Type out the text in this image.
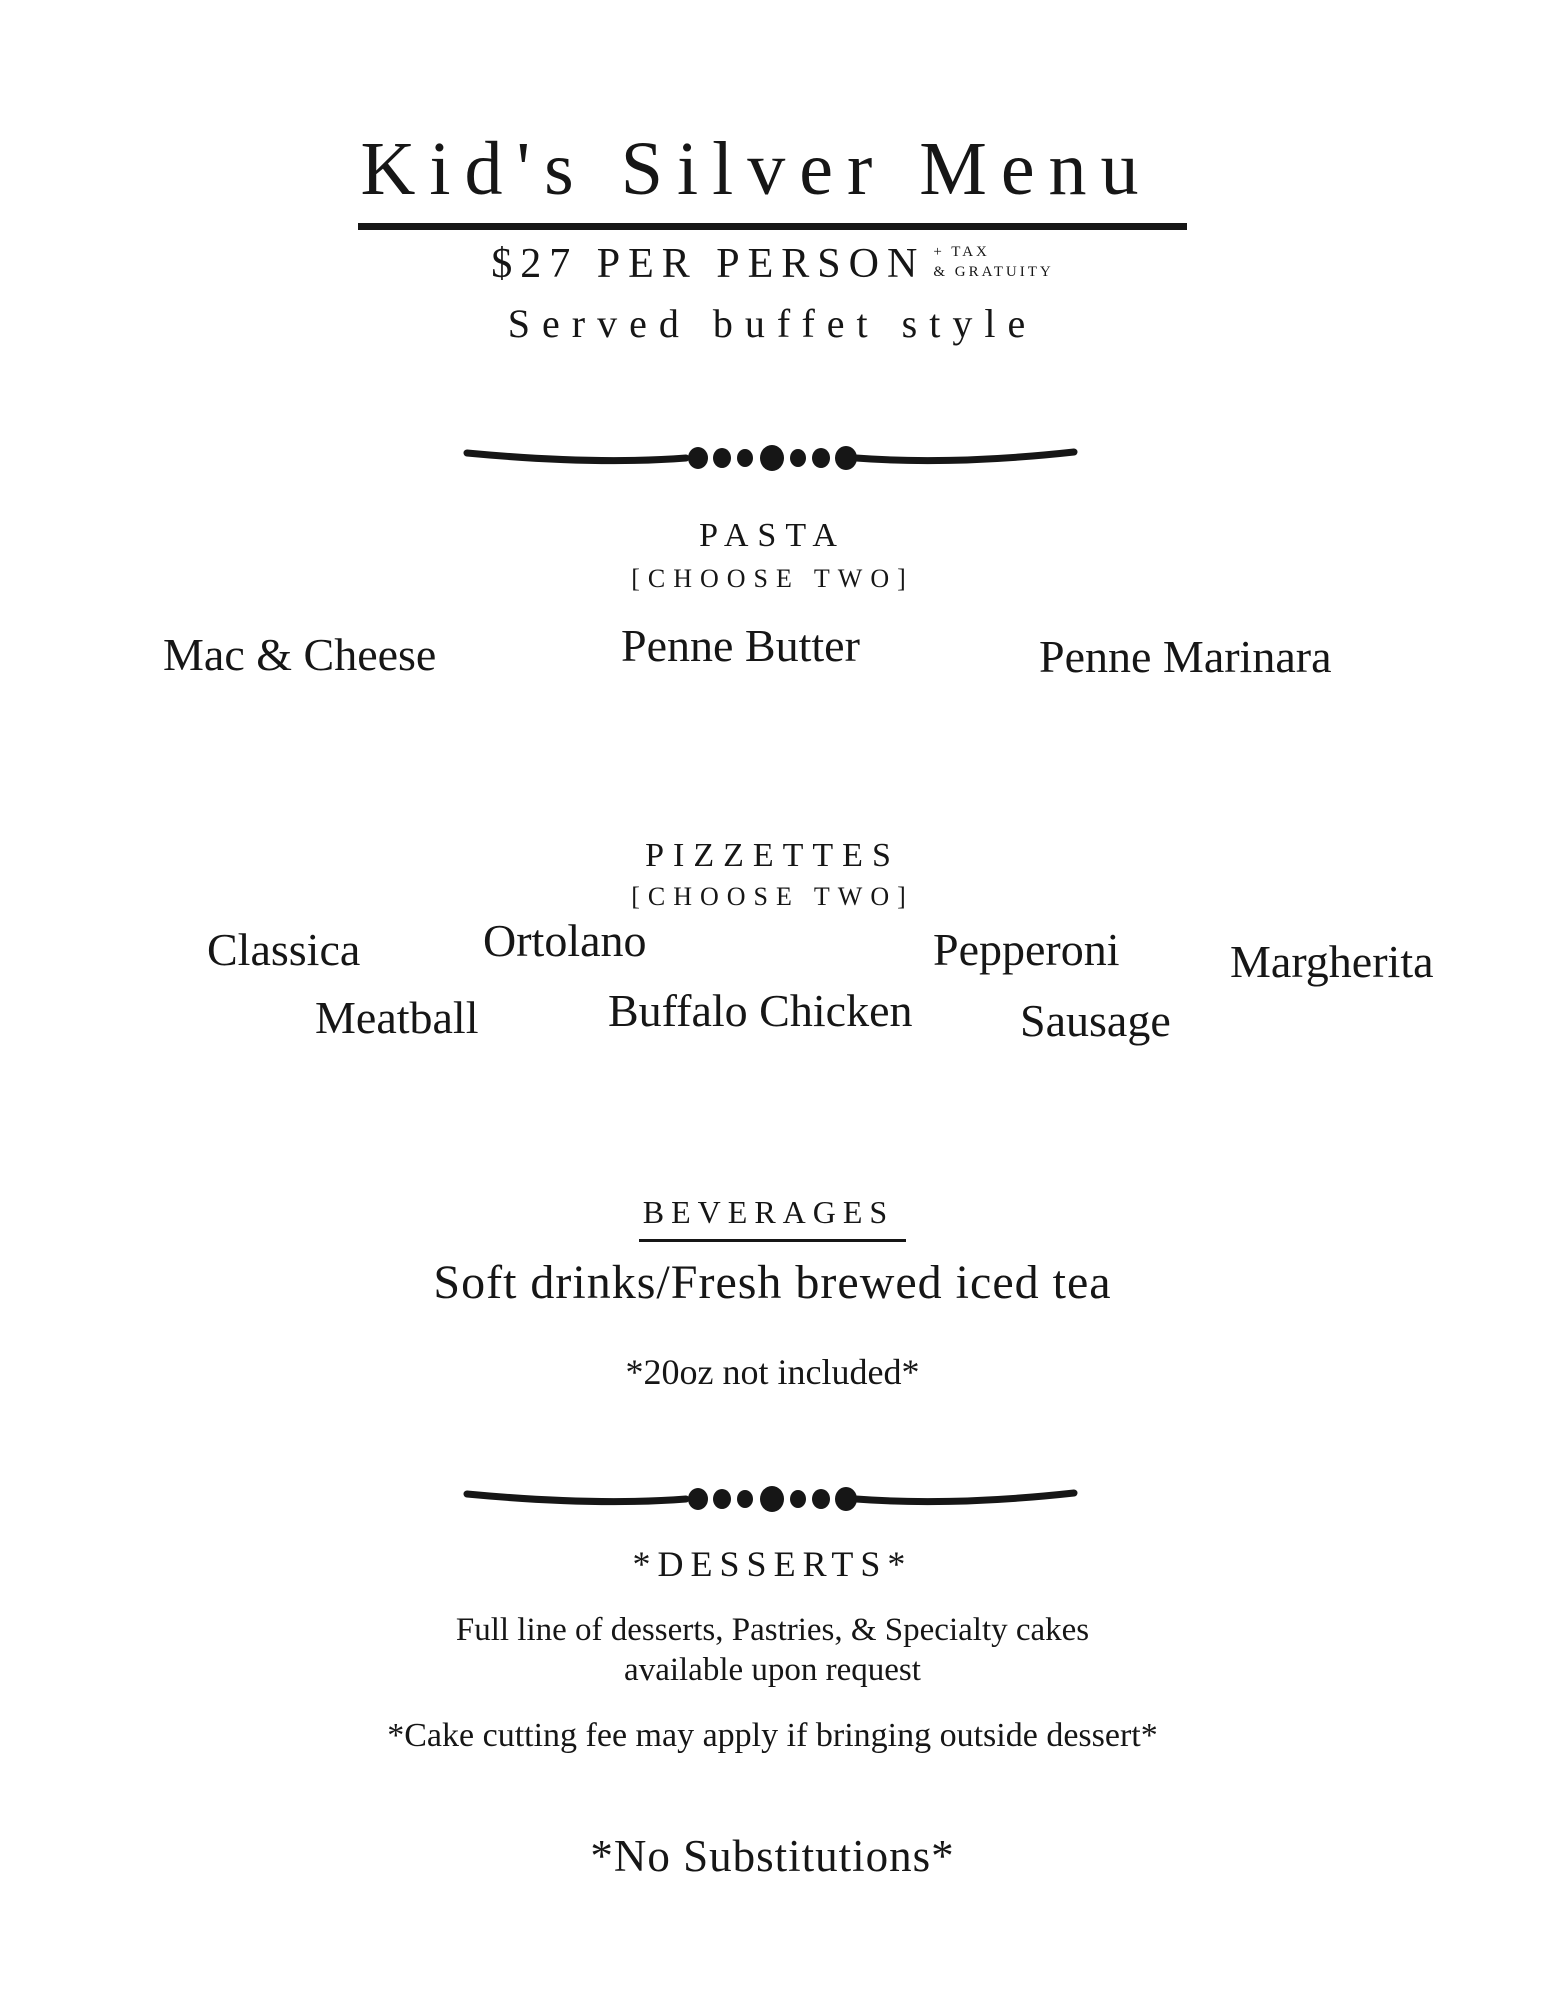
Kid's Silver Menu
$27 PER PERSON + TAX
& GRATUITY
Served buffet style
PASTA
[CHOOSE TWO]
Mac & Cheese	Penne Butter	Penne Marinara
PIZZETTES
[CHOOSE TWO]
Classica	Ortolano	Pepperoni Margherita
Meatball	Buffalo Chicken Sausage
BEVERAGES
Soft drinks/Fresh brewed iced tea
*20oz not included*
*DESSERTS*
Full line of desserts, Pastries, & Specialty cakes
available upon request
*Cake cutting fee may apply if bringing outside dessert*
*No Substitutions*
